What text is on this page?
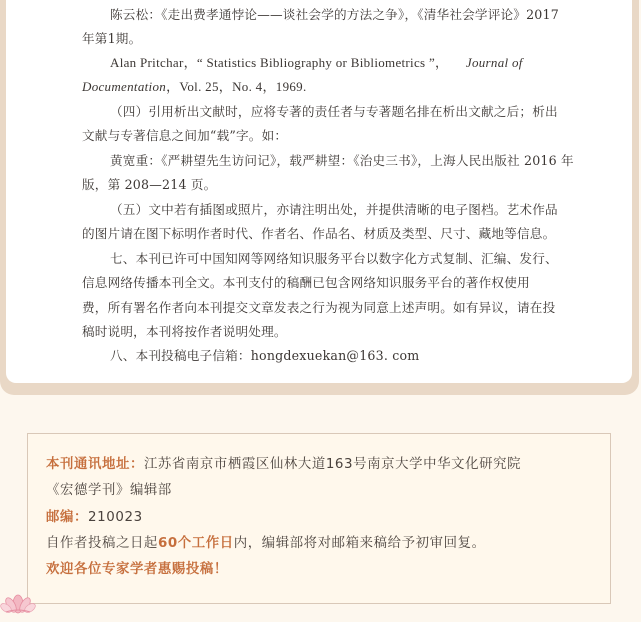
陈云松：《走出费孝通悖论——谈社会学的方法之争》，《清华社会学评论》2017
年第1期。
Alan Pritchar，“ Statistics Bibliography or Bibliometrics ”， Journal of
Documentation，Vol. 25，No. 4，1969.
（四）引用析出文献时，应将专著的责任者与专著题名排在析出文献之后；析出
文献与专著信息之间加“载”字。如：
黄宽重：《严耕望先生访问记》，载严耕望：《治史三书》，上海人民出版社 2016 年
版，第 208—214 页。
（五）文中若有插图或照片，亦请注明出处，并提供清晰的电子图档。艺术作品
的图片请在图下标明作者时代、作者名、作品名、材质及类型、尺寸、藏地等信息。
七、本刊已许可中国知网等网络知识服务平台以数字化方式复制、汇编、发行、
信息网络传播本刊全文。本刊支付的稿酬已包含网络知识服务平台的著作权使用
费，所有署名作者向本刊提交文章发表之行为视为同意上述声明。如有异议，请在投
稿时说明，本刊将按作者说明处理。
八、本刊投稿电子信箱：hongdexuekan@163. com
本刊通讯地址：江苏省南京市栖霞区仙林大道163号南京大学中华文化研究院
《宏德学刊》编辑部
邮编：210023
自作者投稿之日起60个工作日内，编辑部将对邮箱来稿给予初审回复。
欢迎各位专家学者惠赐投稿！
